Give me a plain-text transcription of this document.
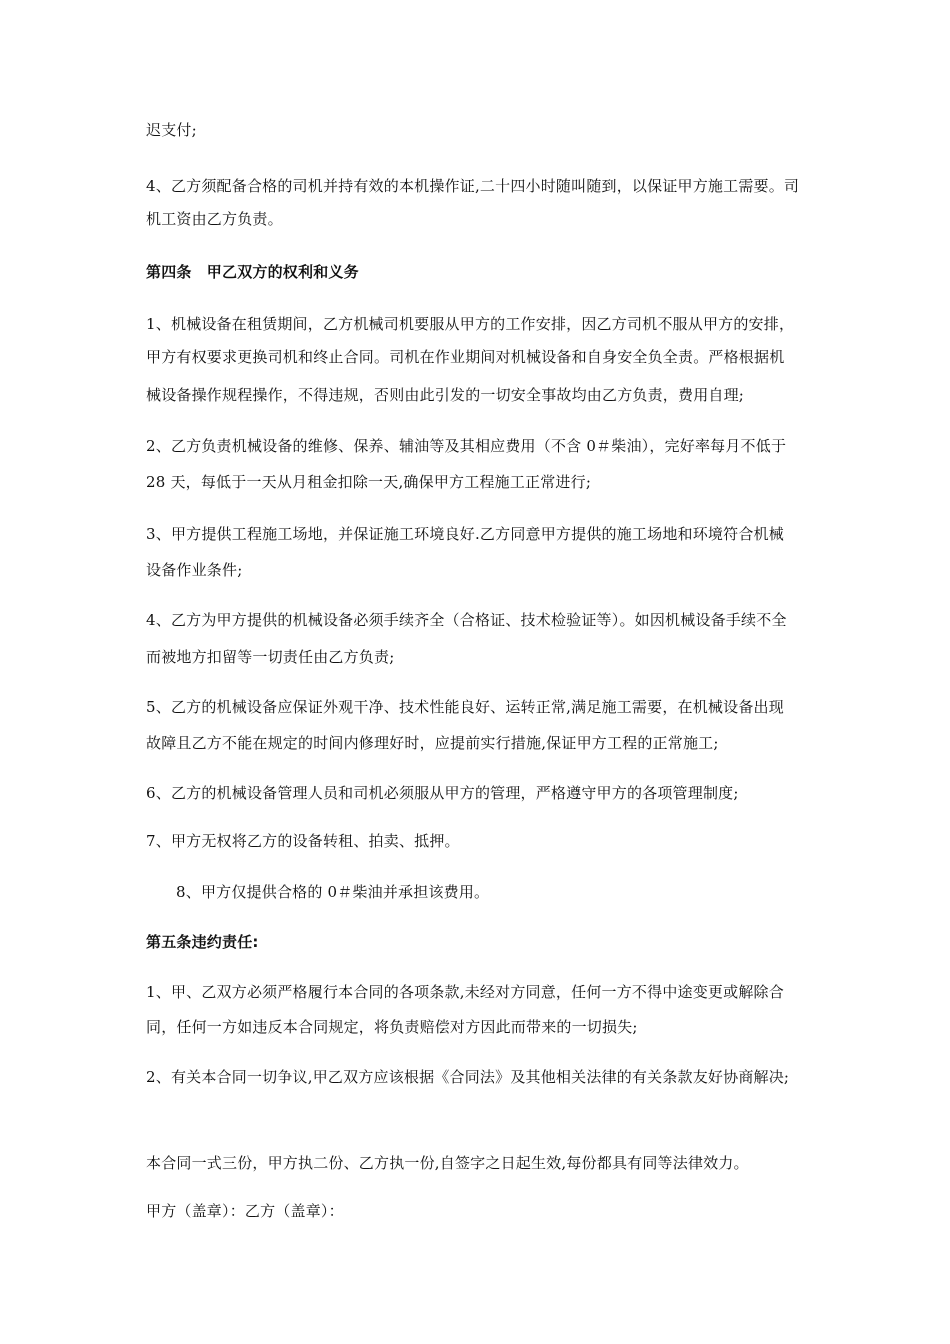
迟支付;
4、乙方须配备合格的司机并持有效的本机操作证,二十四小时随叫随到，以保证甲方施工需要。司
机工资由乙方负责。
第四条　甲乙双方的权利和义务
1、机械设备在租赁期间，乙方机械司机要服从甲方的工作安排，因乙方司机不服从甲方的安排，
甲方有权要求更换司机和终止合同。司机在作业期间对机械设备和自身安全负全责。严格根据机
械设备操作规程操作，不得违规，否则由此引发的一切安全事故均由乙方负责，费用自理;
2、乙方负责机械设备的维修、保养、辅油等及其相应费用（不含 0＃柴油），完好率每月不低于
28 天，每低于一天从月租金扣除一天,确保甲方工程施工正常进行;
3、甲方提供工程施工场地，并保证施工环境良好.乙方同意甲方提供的施工场地和环境符合机械
设备作业条件;
4、乙方为甲方提供的机械设备必须手续齐全（合格证、技术检验证等）。如因机械设备手续不全
而被地方扣留等一切责任由乙方负责;
5、乙方的机械设备应保证外观干净、技术性能良好、运转正常,满足施工需要，在机械设备出现
故障且乙方不能在规定的时间内修理好时，应提前实行措施,保证甲方工程的正常施工;
6、乙方的机械设备管理人员和司机必须服从甲方的管理，严格遵守甲方的各项管理制度;
7、甲方无权将乙方的设备转租、拍卖、抵押。
8、甲方仅提供合格的 0＃柴油并承担该费用。
第五条违约责任:
1、甲、乙双方必须严格履行本合同的各项条款,未经对方同意，任何一方不得中途变更或解除合
同，任何一方如违反本合同规定，将负责赔偿对方因此而带来的一切损失;
2、有关本合同一切争议,甲乙双方应该根据《合同法》及其他相关法律的有关条款友好协商解决;
本合同一式三份，甲方执二份、乙方执一份,自签字之日起生效,每份都具有同等法律效力。
甲方（盖章）：乙方（盖章）：
